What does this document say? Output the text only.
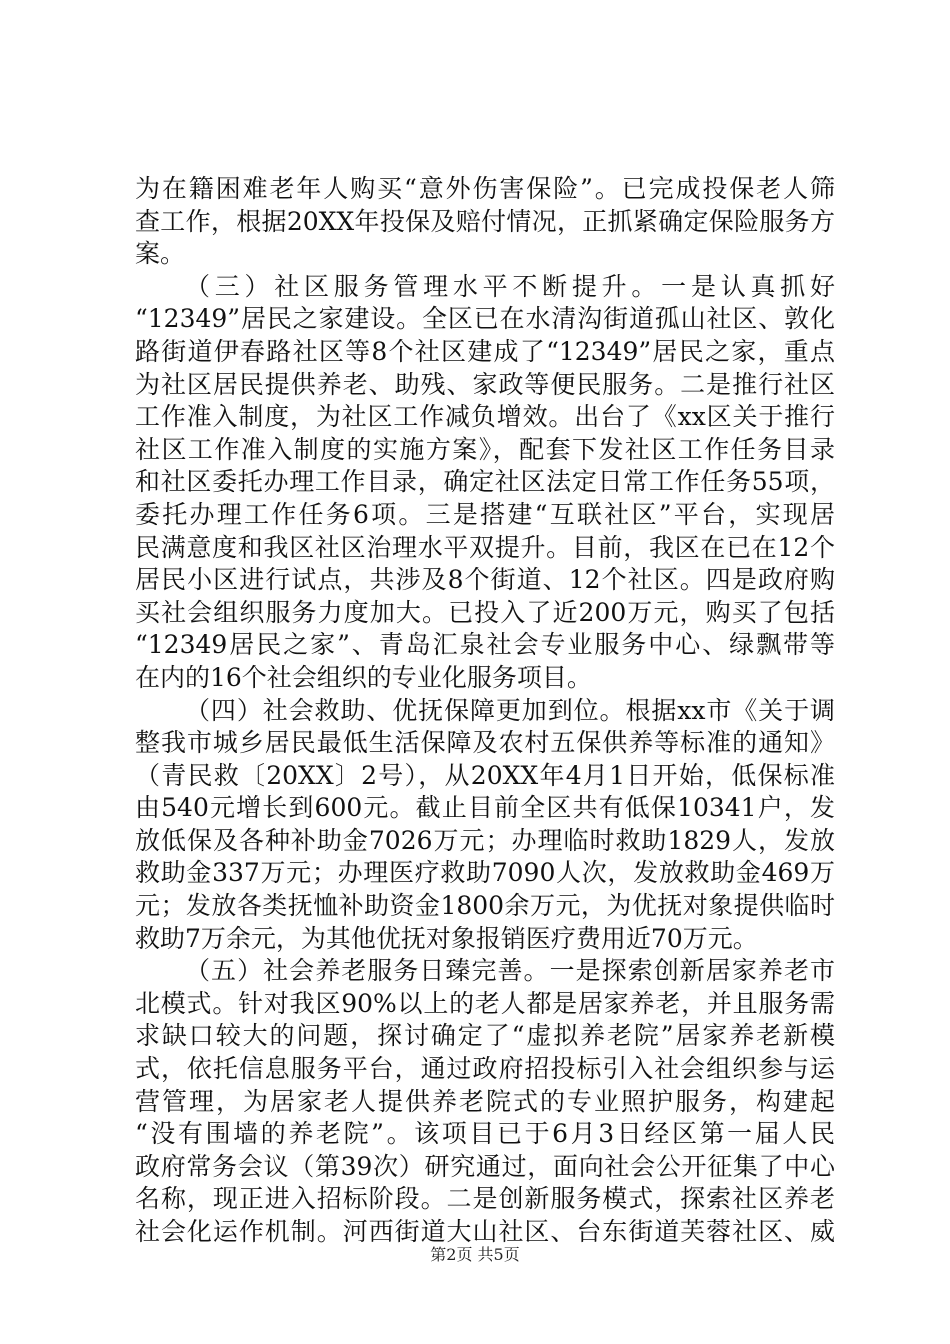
为在籍困难老年人购买“意外伤害保险”。已完成投保老人筛
查工作，根据20XX年投保及赔付情况，正抓紧确定保险服务方
案。
（三）社区服务管理水平不断提升。一是认真抓好
“12349”居民之家建设。全区已在水清沟街道孤山社区、敦化
路街道伊春路社区等8个社区建成了“12349”居民之家，重点
为社区居民提供养老、助残、家政等便民服务。二是推行社区
工作准入制度，为社区工作减负增效。出台了《xx区关于推行
社区工作准入制度的实施方案》，配套下发社区工作任务目录
和社区委托办理工作目录，确定社区法定日常工作任务55项，
委托办理工作任务6项。三是搭建“互联社区”平台，实现居
民满意度和我区社区治理水平双提升。目前，我区在已在12个
居民小区进行试点，共涉及8个街道、12个社区。四是政府购
买社会组织服务力度加大。已投入了近200万元，购买了包括
“12349居民之家”、青岛汇泉社会专业服务中心、绿飘带等
在内的16个社会组织的专业化服务项目。
（四）社会救助、优抚保障更加到位。根据xx市《关于调
整我市城乡居民最低生活保障及农村五保供养等标准的通知》
（青民救〔20XX〕2号），从20XX年4月1日开始，低保标准
由540元增长到600元。截止目前全区共有低保10341户，发
放低保及各种补助金7026万元；办理临时救助1829人，发放
救助金337万元；办理医疗救助7090人次，发放救助金469万
元；发放各类抚恤补助资金1800余万元，为优抚对象提供临时
救助7万余元，为其他优抚对象报销医疗费用近70万元。
（五）社会养老服务日臻完善。一是探索创新居家养老市
北模式。针对我区90%以上的老人都是居家养老，并且服务需
求缺口较大的问题，探讨确定了“虚拟养老院”居家养老新模
式，依托信息服务平台，通过政府招投标引入社会组织参与运
营管理，为居家老人提供养老院式的专业照护服务，构建起
“没有围墙的养老院”。该项目已于6月3日经区第一届人民
政府常务会议（第39次）研究通过，面向社会公开征集了中心
名称，现正进入招标阶段。二是创新服务模式，探索社区养老
社会化运作机制。河西街道大山社区、台东街道芙蓉社区、威
第2页 共5页
